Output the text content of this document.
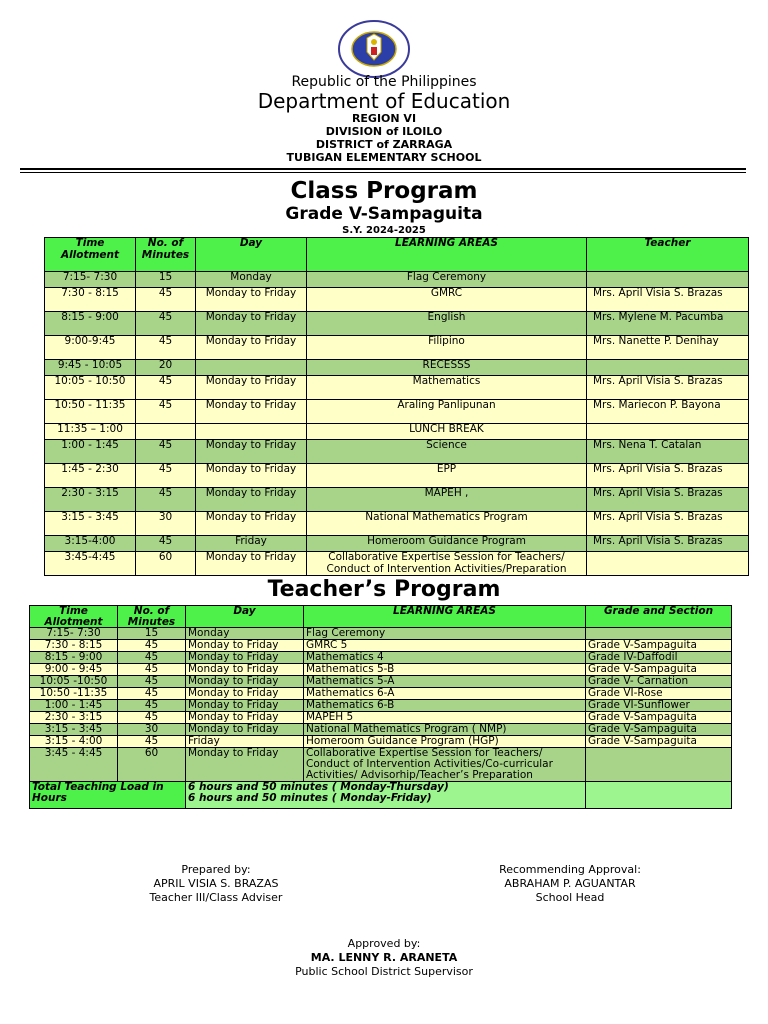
Republic of the Philippines
Department of Education
REGION VI
DIVISION of ILOILO
DISTRICT of ZARRAGA
TUBIGAN ELEMENTARY SCHOOL
Class Program
Grade V-Sampaguita
S.Y. 2024-2025
Time Allotment	No. of Minutes	Day	LEARNING AREAS	Teacher
7:15- 7:30	15	Monday	Flag Ceremony	
7:30 - 8:15	45	Monday to Friday	GMRC	Mrs. April Visia S. Brazas
8:15 - 9:00	45	Monday to Friday	English	Mrs. Mylene M. Pacumba
9:00-9:45	45	Monday to Friday	Filipino	Mrs. Nanette P. Denihay
9:45 - 10:05	20		RECESSS	
10:05 - 10:50	45	Monday to Friday	Mathematics	Mrs. April Visia S. Brazas
10:50 - 11:35	45	Monday to Friday	Araling Panlipunan	Mrs. Mariecon P. Bayona
11:35 – 1:00			LUNCH BREAK	
1:00 - 1:45	45	Monday to Friday	Science	Mrs. Nena T. Catalan
1:45 - 2:30	45	Monday to Friday	EPP	Mrs. April Visia S. Brazas
2:30 - 3:15	45	Monday to Friday	MAPEH ,	Mrs. April Visia S. Brazas
3:15 - 3:45	30	Monday to Friday	National Mathematics Program	Mrs. April Visia S. Brazas
3:15-4:00	45	Friday	Homeroom Guidance Program	Mrs. April Visia S. Brazas
3:45-4:45	60	Monday to Friday	Collaborative Expertise Session for Teachers/ Conduct of Intervention Activities/Preparation	
Teacher’s Program
Time Allotment	No. of Minutes	Day	LEARNING AREAS	Grade and Section
7:15- 7:30	15	Monday	Flag Ceremony	
7:30 - 8:15	45	Monday to Friday	GMRC 5	Grade V-Sampaguita
8:15 - 9:00	45	Monday to Friday	Mathematics 4	Grade IV-Daffodil
9:00 - 9:45	45	Monday to Friday	Mathematics 5-B	Grade V-Sampaguita
10:05 -10:50	45	Monday to Friday	Mathematics 5-A	Grade V- Carnation
10:50 -11:35	45	Monday to Friday	Mathematics 6-A	Grade VI-Rose
1:00 - 1:45	45	Monday to Friday	Mathematics 6-B	Grade VI-Sunflower
2:30 - 3:15	45	Monday to Friday	MAPEH 5	Grade V-Sampaguita
3:15 - 3:45	30	Monday to Friday	National Mathematics Program ( NMP)	Grade V-Sampaguita
3:15 - 4:00	45	Friday	Homeroom Guidance Program (HGP)	Grade V-Sampaguita
3:45 - 4:45	60	Monday to Friday	Collaborative Expertise Session for Teachers/ Conduct of Intervention Activities/Co-curricular Activities/ Advisorhip/Teacher’s Preparation	
Total Teaching Load in Hours		6 hours and 50 minutes ( Monday-Thursday)
6 hours and 50 minutes ( Monday-Friday)		

Prepared by:
APRIL VISIA S. BRAZAS
Teacher III/Class Adviser
Recommending Approval:
ABRAHAM P. AGUANTAR
School Head
Approved by:
MA. LENNY R. ARANETA
Public School District Supervisor
